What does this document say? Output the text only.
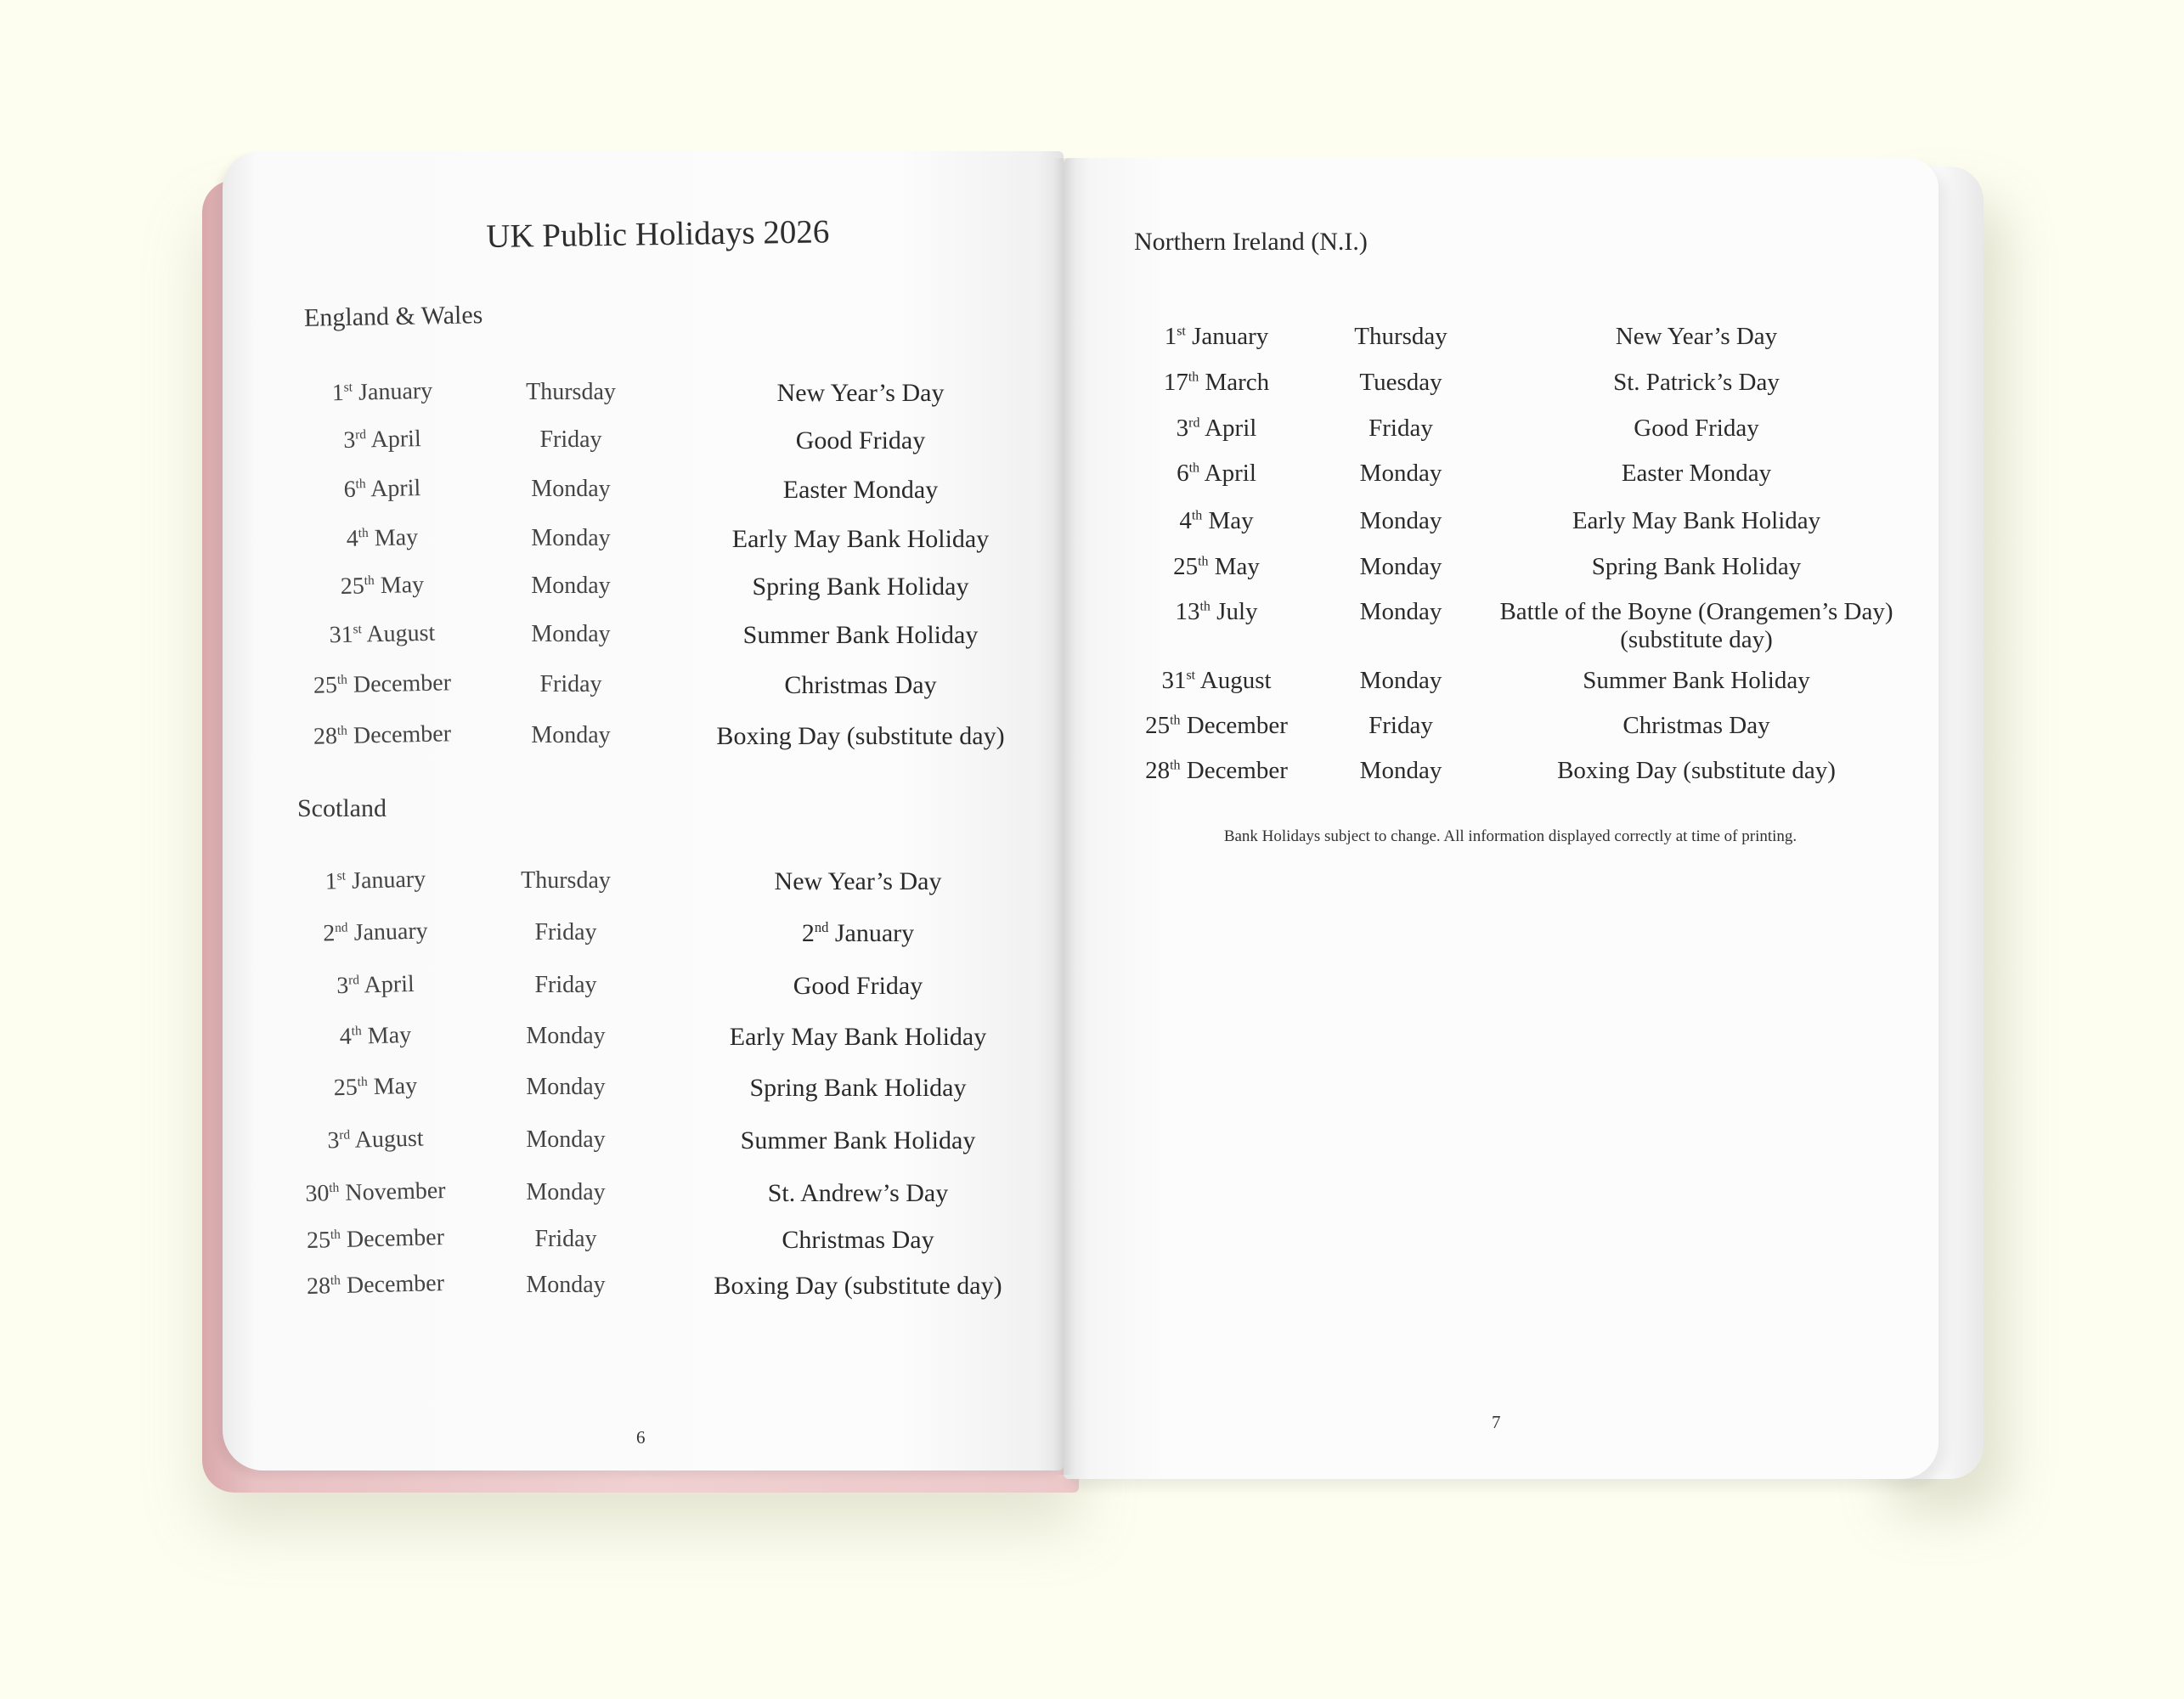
UK Public Holidays 2026
England & Wales
1st January	Thursday	New Year’s Day
3rd April	Friday	Good Friday
6th April	Monday	Easter Monday
4th May	Monday	Early May Bank Holiday
25th May	Monday	Spring Bank Holiday
31st August	Monday	Summer Bank Holiday
25th December	Friday	Christmas Day
28th December	Monday	Boxing Day (substitute day)
Scotland
1st January	Thursday	New Year’s Day
2nd January	Friday	2nd January
3rd April	Friday	Good Friday
4th May	Monday	Early May Bank Holiday
25th May	Monday	Spring Bank Holiday
3rd August	Monday	Summer Bank Holiday
30th November	Monday	St. Andrew’s Day
25th December	Friday	Christmas Day
28th December	Monday	Boxing Day (substitute day)
6
Northern Ireland (N.I.)
1st January	Thursday	New Year’s Day
17th March	Tuesday	St. Patrick’s Day
3rd April	Friday	Good Friday
6th April	Monday	Easter Monday
4th May	Monday	Early May Bank Holiday
25th May	Monday	Spring Bank Holiday
13th July	Monday Battle of the Boyne (Orangemen’s Day)
(substitute day)
31st August	Monday	Summer Bank Holiday
25th December	Friday	Christmas Day
28th December	Monday	Boxing Day (substitute day)
Bank Holidays subject to change. All information displayed correctly at time of printing.
7
